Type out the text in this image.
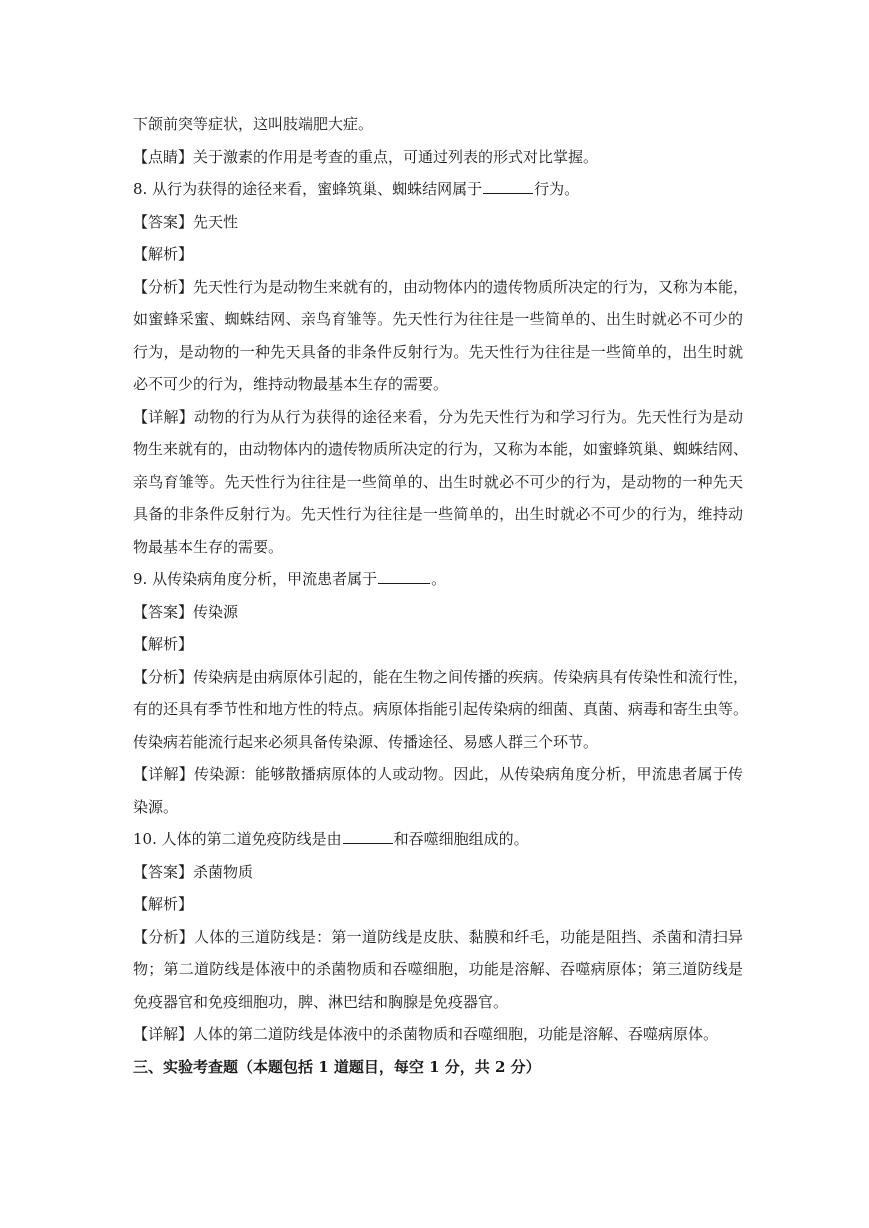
下颌前突等症状，这叫肢端肥大症。
【点睛】关于激素的作用是考查的重点，可通过列表的形式对比掌握。
8. 从行为获得的途径来看，蜜蜂筑巢、蜘蛛结网属于	行为。
【答案】先天性
【解析】
【分析】先天性行为是动物生来就有的，由动物体内的遗传物质所决定的行为，又称为本能，
如蜜蜂采蜜、蜘蛛结网、亲鸟育雏等。先天性行为往往是一些简单的、出生时就必不可少的
行为，是动物的一种先天具备的非条件反射行为。先天性行为往往是一些简单的，出生时就
必不可少的行为，维持动物最基本生存的需要。
【详解】动物的行为从行为获得的途径来看，分为先天性行为和学习行为。先天性行为是动
物生来就有的，由动物体内的遗传物质所决定的行为，又称为本能，如蜜蜂筑巢、蜘蛛结网、
亲鸟育雏等。先天性行为往往是一些简单的、出生时就必不可少的行为，是动物的一种先天
具备的非条件反射行为。先天性行为往往是一些简单的，出生时就必不可少的行为，维持动
物最基本生存的需要。
9. 从传染病角度分析，甲流患者属于	。
【答案】传染源
【解析】
【分析】传染病是由病原体引起的，能在生物之间传播的疾病。传染病具有传染性和流行性，
有的还具有季节性和地方性的特点。病原体指能引起传染病的细菌、真菌、病毒和寄生虫等。
传染病若能流行起来必须具备传染源、传播途径、易感人群三个环节。
【详解】传染源：能够散播病原体的人或动物。因此，从传染病角度分析，甲流患者属于传
染源。
10. 人体的第二道免疫防线是由	和吞噬细胞组成的。
【答案】杀菌物质
【解析】
【分析】人体的三道防线是：第一道防线是皮肤、黏膜和纤毛，功能是阻挡、杀菌和清扫异
物；第二道防线是体液中的杀菌物质和吞噬细胞，功能是溶解、吞噬病原体；第三道防线是
免疫器官和免疫细胞功，脾、淋巴结和胸腺是免疫器官。
【详解】人体的第二道防线是体液中的杀菌物质和吞噬细胞，功能是溶解、吞噬病原体。
三、实验考查题（本题包括 1 道题目，每空 1 分，共 2 分）
